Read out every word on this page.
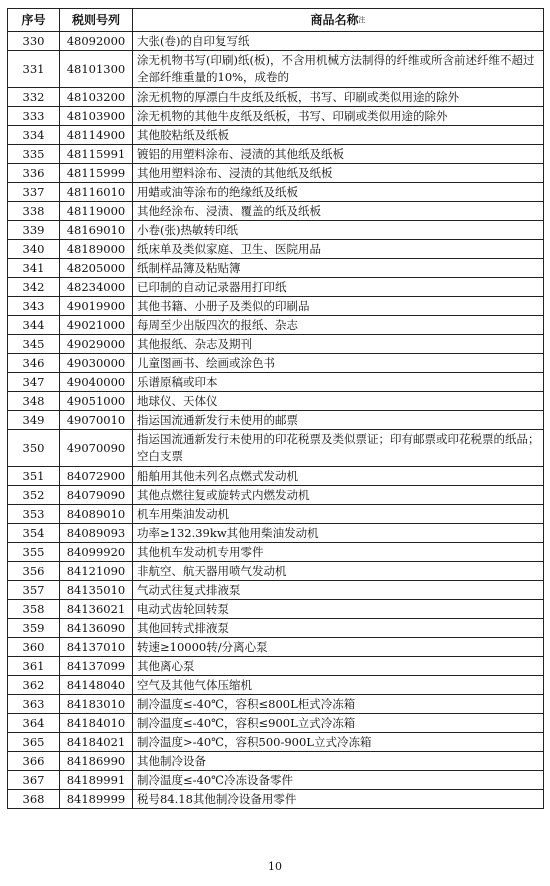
序号	税则号列	商品名称$^注$
330	48092000	大张(卷)的自印复写纸
331	48101300	涂无机物书写(印刷)纸(板)，不含用机械方法制得的纤维或所含前述纤维不超过全部纤维重量的10%，成卷的
332	48103200	涂无机物的厚漂白牛皮纸及纸板，书写、印刷或类似用途的除外
333	48103900	涂无机物的其他牛皮纸及纸板，书写、印刷或类似用途的除外
334	48114900	其他胶粘纸及纸板
335	48115991	镀铝的用塑料涂布、浸渍的其他纸及纸板
336	48115999	其他用塑料涂布、浸渍的其他纸及纸板
337	48116010	用蜡或油等涂布的绝缘纸及纸板
338	48119000	其他经涂布、浸渍、覆盖的纸及纸板
339	48169010	小卷(张)热敏转印纸
340	48189000	纸床单及类似家庭、卫生、医院用品
341	48205000	纸制样品簿及粘贴簿
342	48234000	已印制的自动记录器用打印纸
343	49019900	其他书籍、小册子及类似的印刷品
344	49021000	每周至少出版四次的报纸、杂志
345	49029000	其他报纸、杂志及期刊
346	49030000	儿童图画书、绘画或涂色书
347	49040000	乐谱原稿或印本
348	49051000	地球仪、天体仪
349	49070010	指运国流通新发行未使用的邮票
350	49070090	指运国流通新发行未使用的印花税票及类似票证；印有邮票或印花税票的纸品；空白支票
351	84072900	船舶用其他未列名点燃式发动机
352	84079090	其他点燃往复或旋转式内燃发动机
353	84089010	机车用柴油发动机
354	84089093	功率≥132.39kw其他用柴油发动机
355	84099920	其他机车发动机专用零件
356	84121090	非航空、航天器用喷气发动机
357	84135010	气动式往复式排液泵
358	84136021	电动式齿轮回转泵
359	84136090	其他回转式排液泵
360	84137010	转速≥10000转/分离心泵
361	84137099	其他离心泵
362	84148040	空气及其他气体压缩机
363	84183010	制冷温度≤-40℃，容积≤800L柜式冷冻箱
364	84184010	制冷温度≤-40℃，容积≤900L立式冷冻箱
365	84184021	制冷温度>-40℃，容积500-900L立式冷冻箱
366	84186990	其他制冷设备
367	84189991	制冷温度≤-40℃冷冻设备零件
368	84189999	税号84.18其他制冷设备用零件
10
